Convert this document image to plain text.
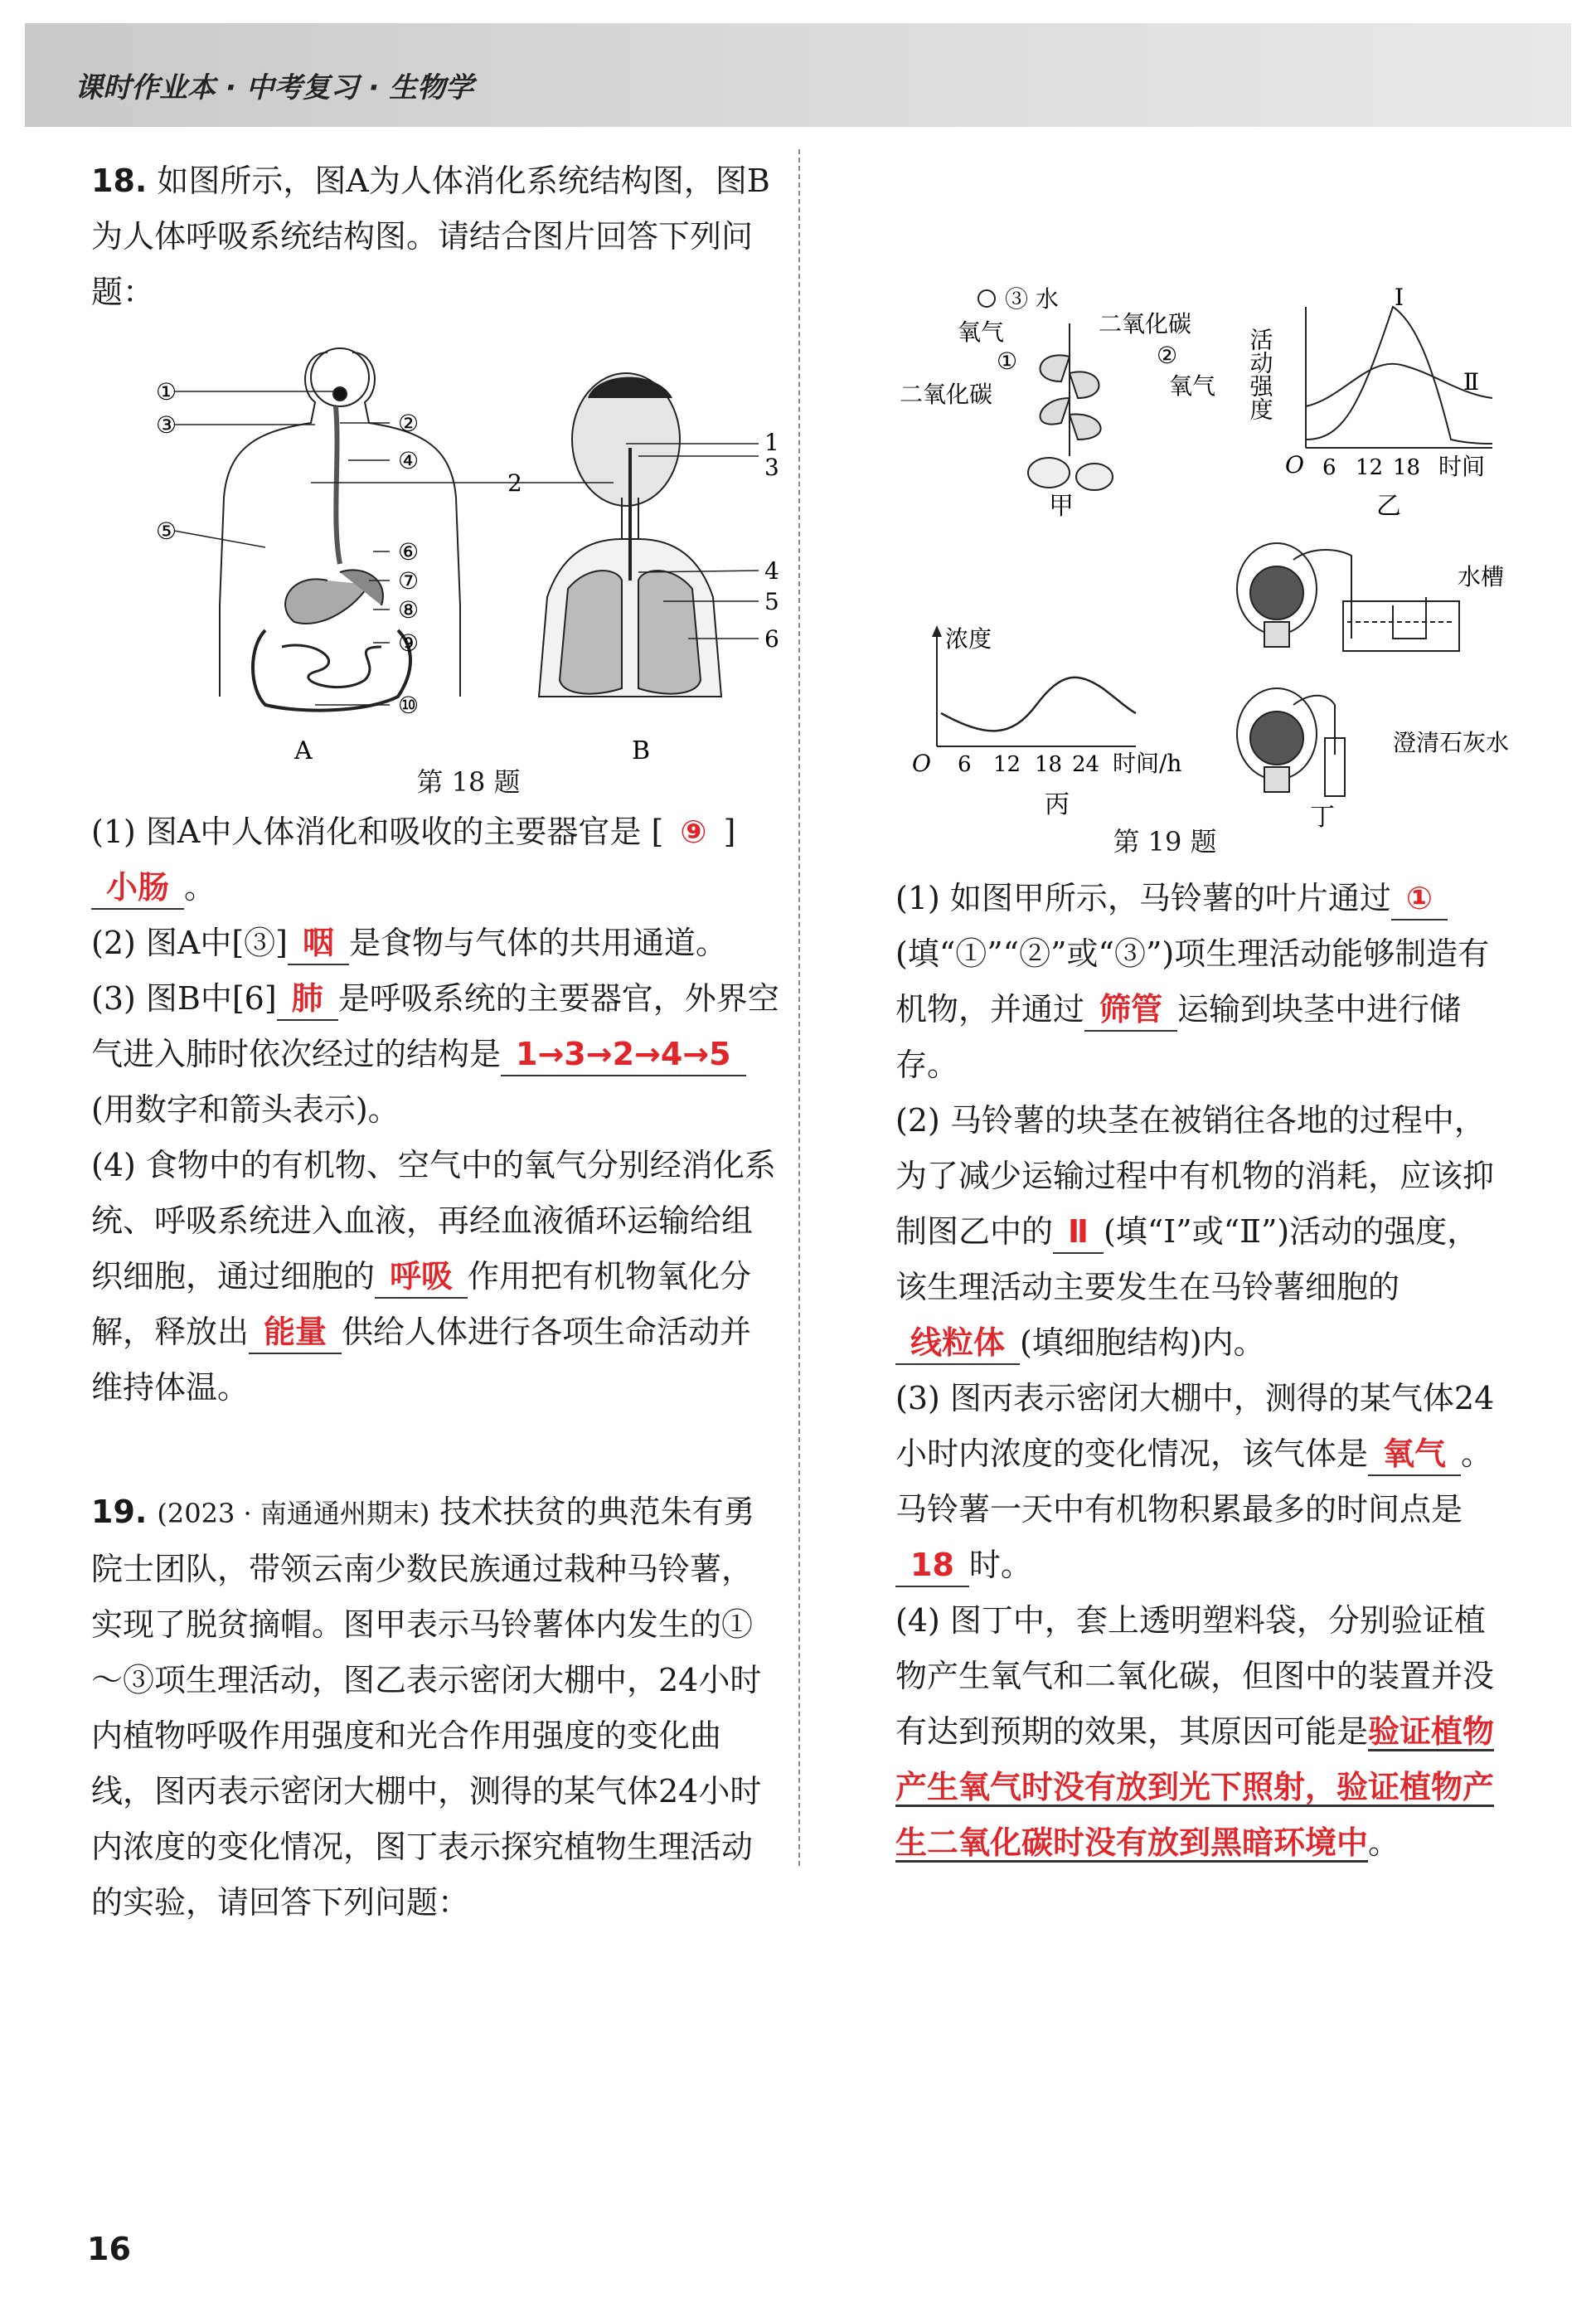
课时作业本 · 中考复习 · 生物学

18. 如图所示，图A为人体消化系统结构图，图B为人体呼吸系统结构图。请结合图片回答下列问题：

①
②
③
④
⑤
⑥
⑦
⑧
⑨
⑩
A
1
2
3
4
5
6
B
第 18 题

(1) 图A中人体消化和吸收的主要器官是 [ ⑨ ] 小肠 。

(2) 图A中[③] 咽 是食物与气体的共用通道。

(3) 图B中[6] 肺 是呼吸系统的主要器官，外界空气进入肺时依次经过的结构是 1→3→2→4→5(用数字和箭头表示)。

(4) 食物中的有机物、空气中的氧气分别经消化系统、呼吸系统进入血液，再经血液循环运输给组织细胞，通过细胞的 呼吸 作用把有机物氧化分解，释放出 能量 供给人体进行各项生命活动并维持体温。

19. (2023 · 南通通州期末) 技术扶贫的典范朱有勇院士团队，带领云南少数民族通过栽种马铃薯，实现了脱贫摘帽。图甲表示马铃薯体内发生的①～③项生理活动，图乙表示密闭大棚中，24小时内植物呼吸作用强度和光合作用强度的变化曲线，图丙表示密闭大棚中，测得的某气体24小时内浓度的变化情况，图丁表示探究植物生理活动的实验，请回答下列问题：

③ 水
氧气	二氧化碳
①	②
二氧化碳	氧气
甲
活动强度
Ⅰ
Ⅱ
O 6 12 18 时间
乙
浓度
O 6 12 18 24 时间/h
丙
水槽
澄清石灰水
丁
第 19 题

(1) 如图甲所示，马铃薯的叶片通过 ①(填“①”“②”或“③”)项生理活动能够制造有机物，并通过 筛管 运输到块茎中进行储存。

(2) 马铃薯的块茎在被销往各地的过程中，为了减少运输过程中有机物的消耗，应该抑制图乙中的 Ⅱ (填“Ⅰ”或“Ⅱ”)活动的强度，该生理活动主要发生在马铃薯细胞的线粒体 (填细胞结构)内。

(3) 图丙表示密闭大棚中，测得的某气体24小时内浓度的变化情况，该气体是 氧气 。马铃薯一天中有机物积累最多的时间点是18 时。

(4) 图丁中，套上透明塑料袋，分别验证植物产生氧气和二氧化碳，但图中的装置并没有达到预期的效果，其原因可能是验证植物产生氧气时没有放到光下照射，验证植物产生二氧化碳时没有放到黑暗环境中。

16
